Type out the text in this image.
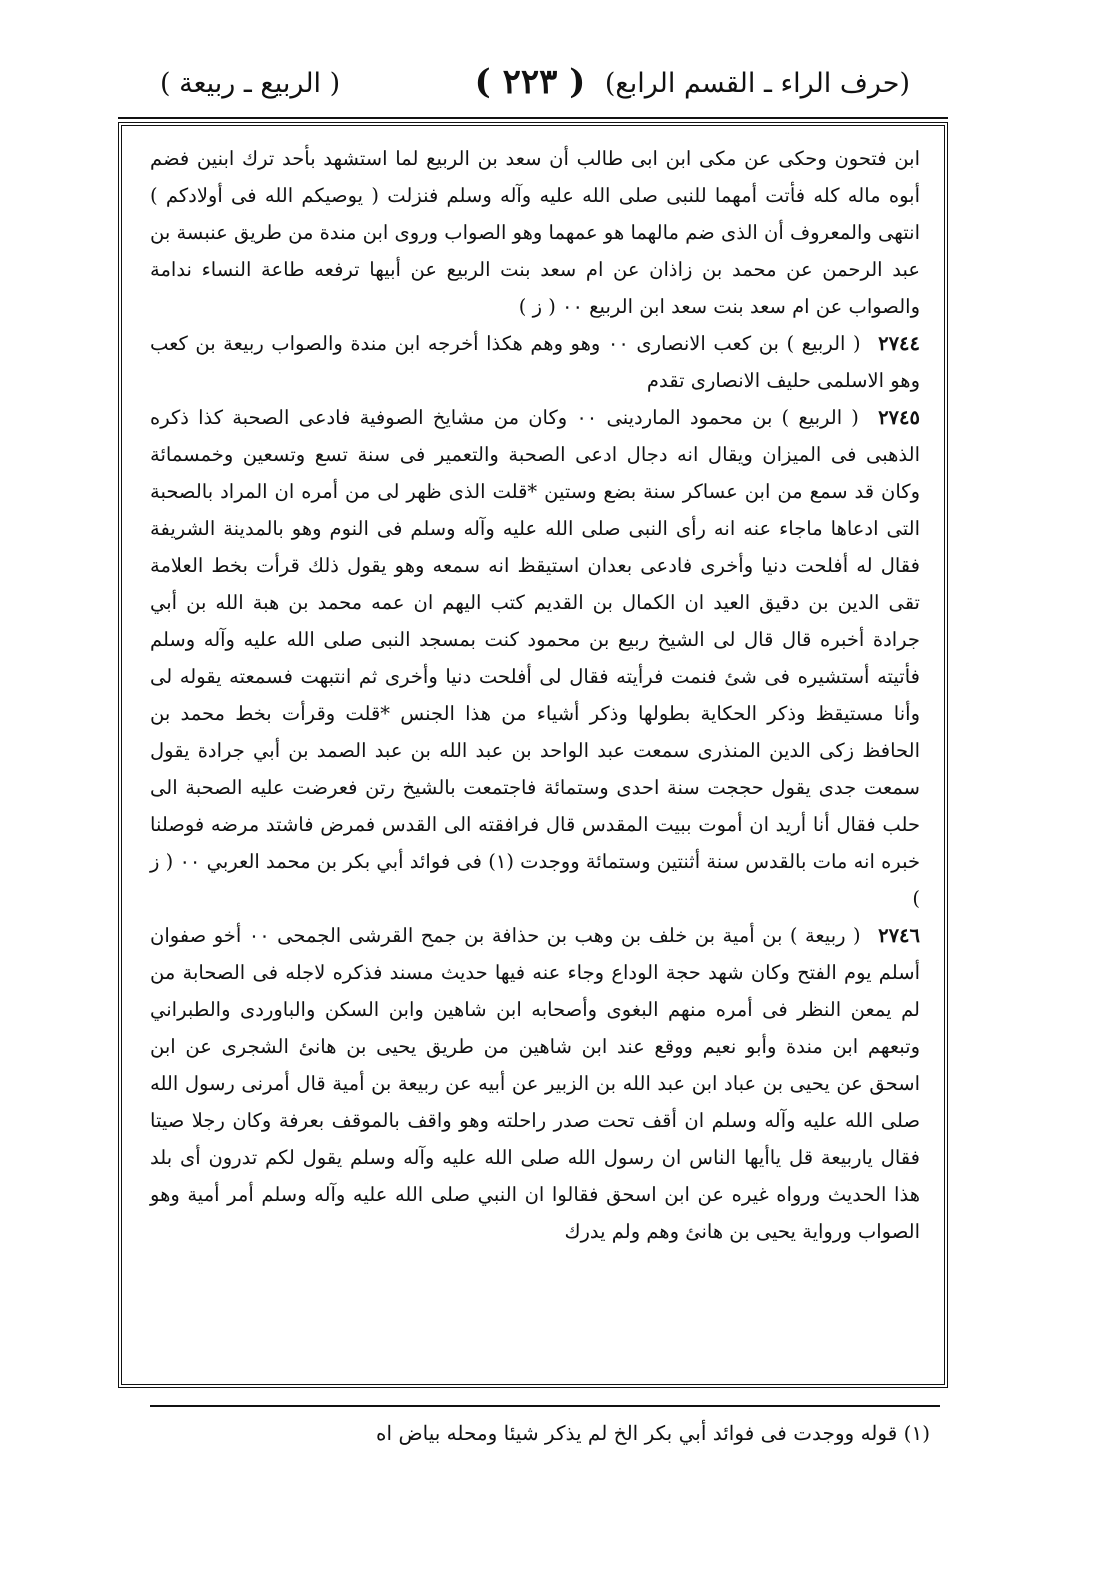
(حرف الراء ـ القسم الرابع)
( ٢٢٣ )
( الربيع ـ ربيعة )

ابن فتحون وحكى عن مكى ابن ابى طالب أن سعد بن الربيع لما استشهد بأحد ترك ابنين فضم أبوه ماله كله فأتت أمهما للنبى صلى الله عليه وآله وسلم فنزلت ( يوصيكم الله فى أولادكم ) انتهى والمعروف أن الذى ضم مالهما هو عمهما وهو الصواب وروى ابن مندة من طريق عنبسة بن عبد الرحمن عن محمد بن زاذان عن ام سعد بنت الربيع عن أبيها ترفعه طاعة النساء ندامة والصواب عن ام سعد بنت سعد ابن الربيع ٠٠ ( ز )

٢٧٤٤ ( الربيع ) بن كعب الانصارى ٠٠ وهو وهم هكذا أخرجه ابن مندة والصواب ربيعة بن كعب وهو الاسلمى حليف الانصارى تقدم

٢٧٤٥ ( الربيع ) بن محمود الماردينى ٠٠ وكان من مشايخ الصوفية فادعى الصحبة كذا ذكره الذهبى فى الميزان ويقال انه دجال ادعى الصحبة والتعمير فى سنة تسع وتسعين وخمسمائة وكان قد سمع من ابن عساكر سنة بضع وستين *قلت الذى ظهر لى من أمره ان المراد بالصحبة التى ادعاها ماجاء عنه انه رأى النبى صلى الله عليه وآله وسلم فى النوم وهو بالمدينة الشريفة فقال له أفلحت دنيا وأخرى فادعى بعدان استيقظ انه سمعه وهو يقول ذلك قرأت بخط العلامة تقى الدين بن دقيق العيد ان الكمال بن القديم كتب اليهم ان عمه محمد بن هبة الله بن أبي جرادة أخبره قال قال لى الشيخ ربيع بن محمود كنت بمسجد النبى صلى الله عليه وآله وسلم فأتيته أستشيره فى شئ فنمت فرأيته فقال لى أفلحت دنيا وأخرى ثم انتبهت فسمعته يقوله لى وأنا مستيقظ وذكر الحكاية بطولها وذكر أشياء من هذا الجنس *قلت وقرأت بخط محمد بن الحافظ زكى الدين المنذرى سمعت عبد الواحد بن عبد الله بن عبد الصمد بن أبي جرادة يقول سمعت جدى يقول حججت سنة احدى وستمائة فاجتمعت بالشيخ رتن فعرضت عليه الصحبة الى حلب فقال أنا أريد ان أموت ببيت المقدس قال فرافقته الى القدس فمرض فاشتد مرضه فوصلنا خبره انه مات بالقدس سنة أثنتين وستمائة ووجدت (١) فى فوائد أبي بكر بن محمد العربي ٠٠ ( ز )

٢٧٤٦ ( ربيعة ) بن أمية بن خلف بن وهب بن حذافة بن جمح القرشى الجمحى ٠٠ أخو صفوان أسلم يوم الفتح وكان شهد حجة الوداع وجاء عنه فيها حديث مسند فذكره لاجله فى الصحابة من لم يمعن النظر فى أمره منهم البغوى وأصحابه ابن شاهين وابن السكن والباوردى والطبراني وتبعهم ابن مندة وأبو نعيم ووقع عند ابن شاهين من طريق يحيى بن هانئ الشجرى عن ابن اسحق عن يحيى بن عباد ابن عبد الله بن الزبير عن أبيه عن ربيعة بن أمية قال أمرنى رسول الله صلى الله عليه وآله وسلم ان أقف تحت صدر راحلته وهو واقف بالموقف بعرفة وكان رجلا صيتا فقال ياربيعة قل ياأيها الناس ان رسول الله صلى الله عليه وآله وسلم يقول لكم تدرون أى بلد هذا الحديث ورواه غيره عن ابن اسحق فقالوا ان النبي صلى الله عليه وآله وسلم أمر أمية وهو الصواب ورواية يحيى بن هانئ وهم ولم يدرك

(١) قوله ووجدت فى فوائد أبي بكر الخ لم يذكر شيئا ومحله بياض اه
